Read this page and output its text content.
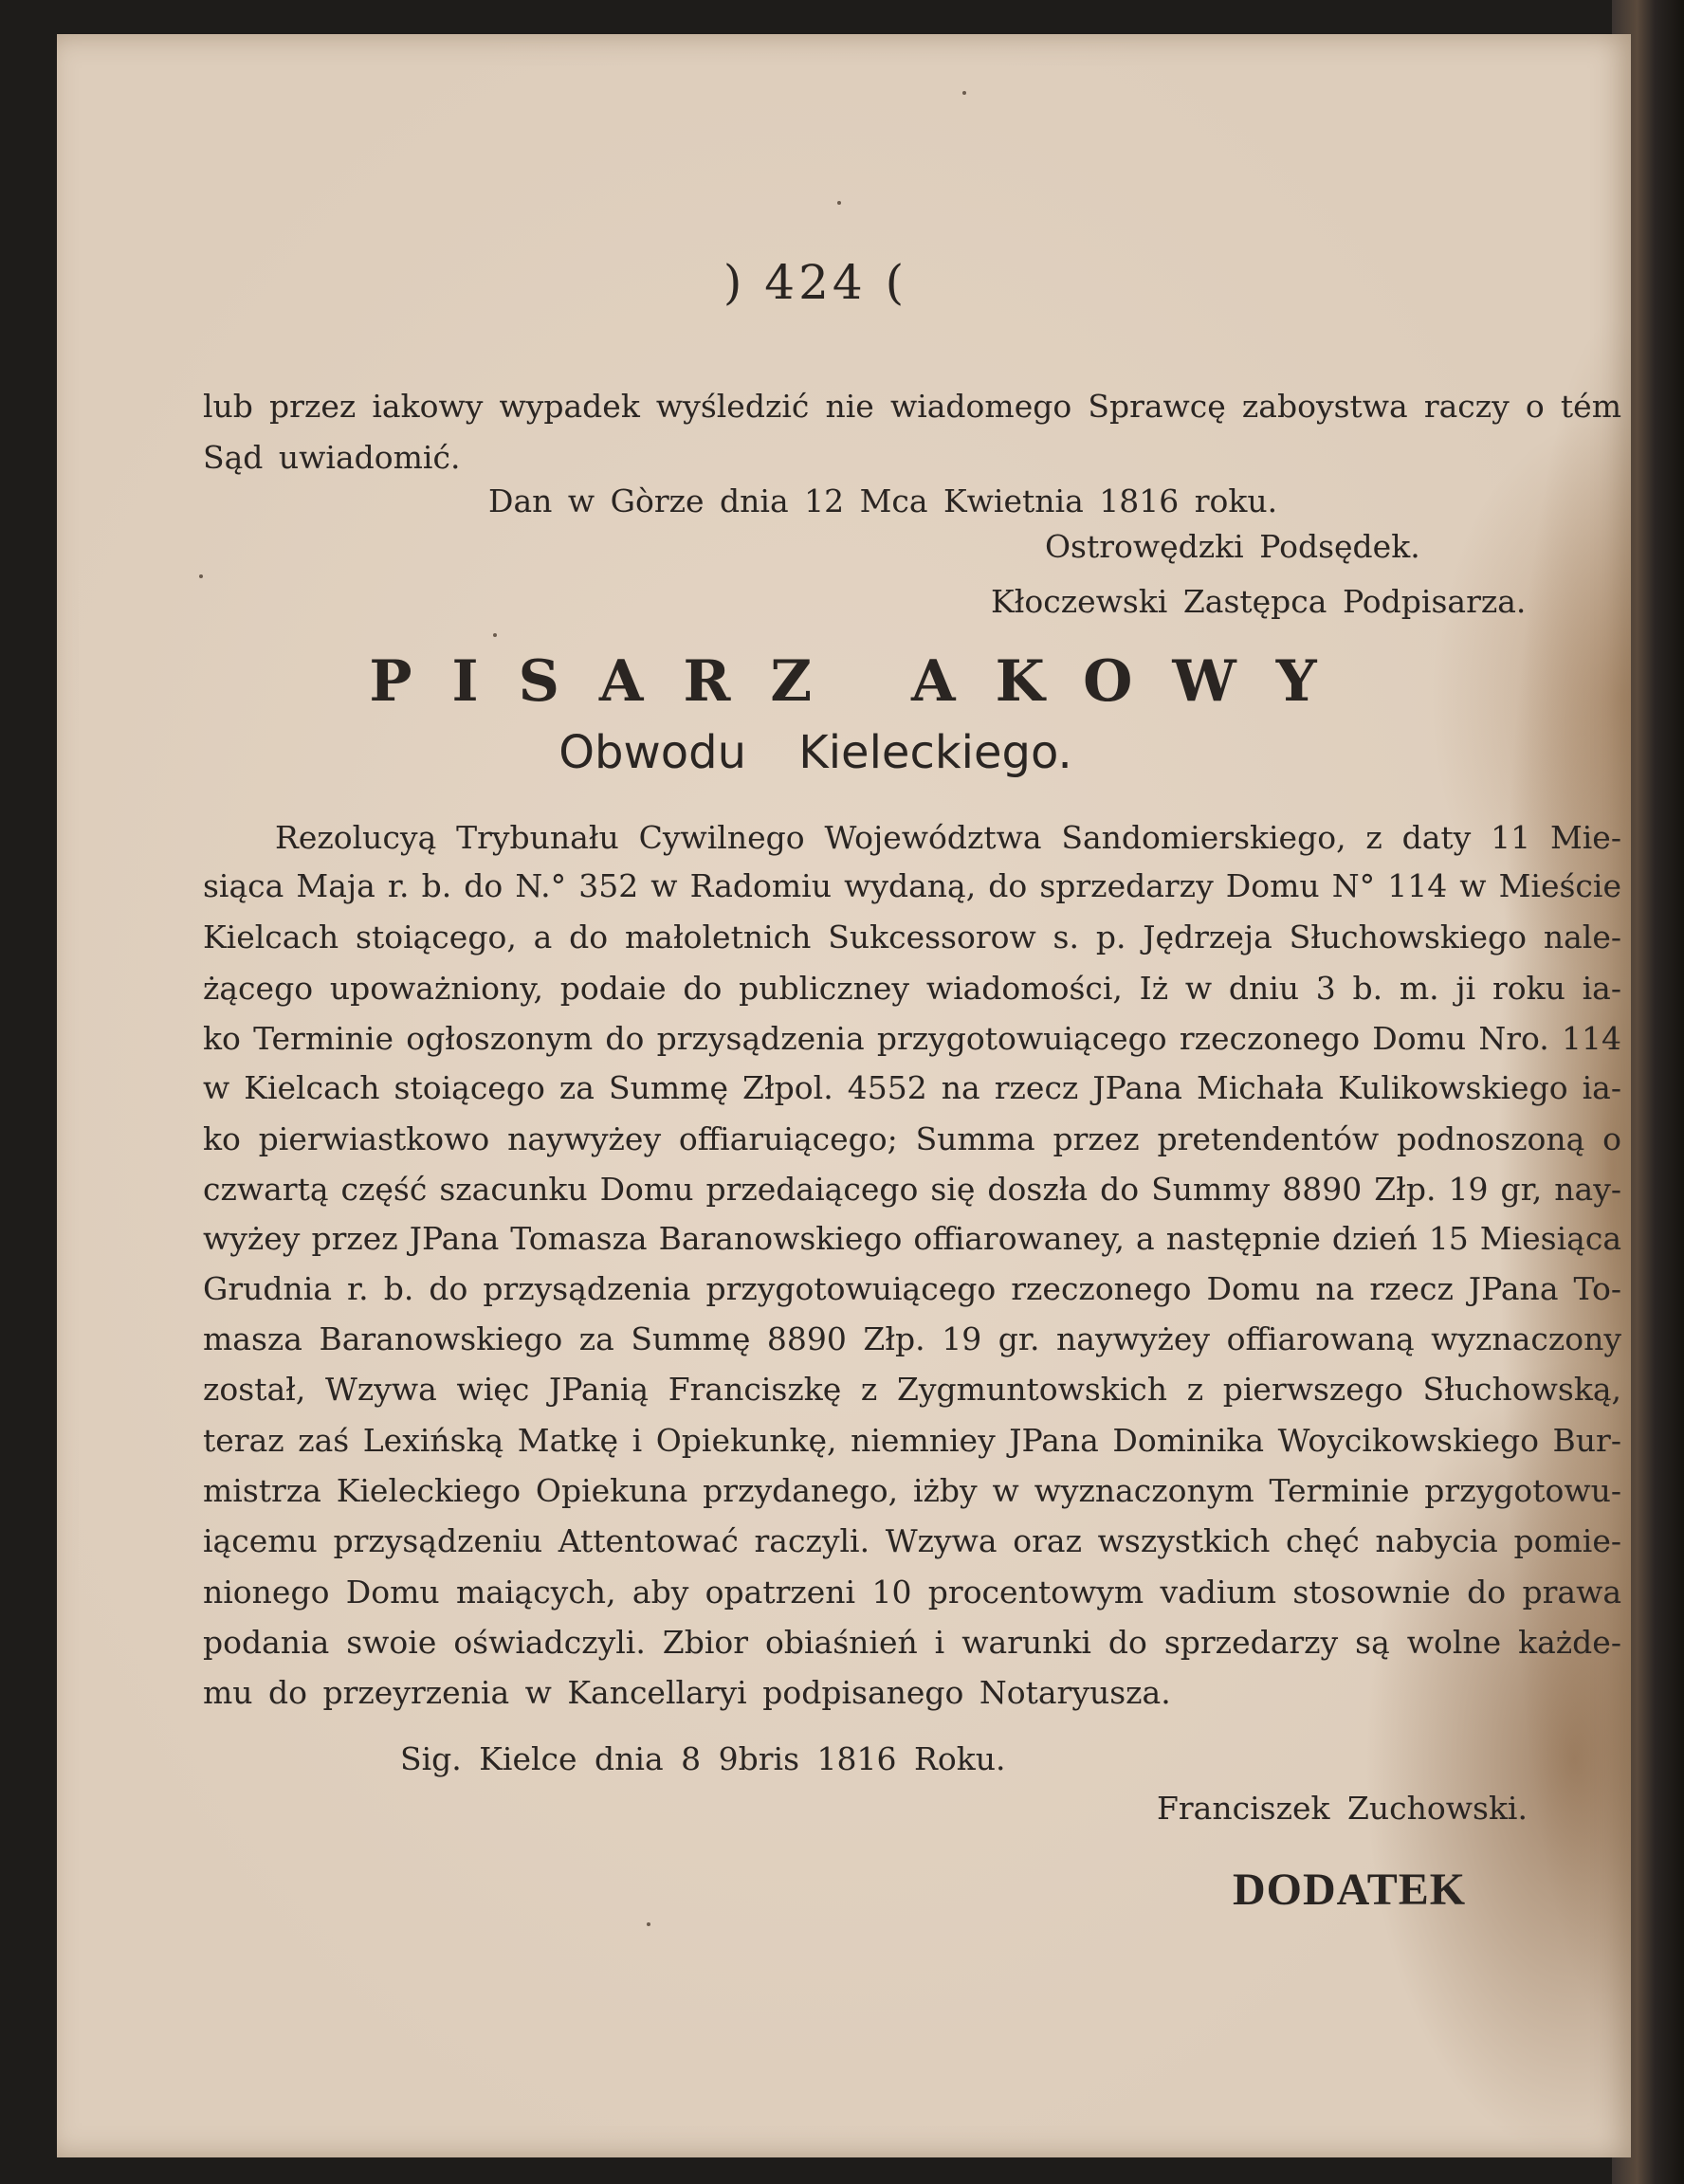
) 424 (
lub przez iakowy wypadek wyśledzić nie wiadomego Sprawcę zaboystwa raczy o tém
Sąd uwiadomić.
Dan w Gòrze dnia 12 Mca Kwietnia 1816 roku.
Ostrowędzki Podsędek.
Kłoczewski Zastępca Podpisarza.
PISARZ AKOWY
Obwodu Kieleckiego.
Rezolucyą Trybunału Cywilnego Województwa Sandomierskiego, z daty 11 Mie-
siąca Maja r. b. do N.° 352 w Radomiu wydaną, do sprzedarzy Domu N° 114 w Mieście
Kielcach stoiącego, a do małoletnich Sukcessorow s. p. Jędrzeja Słuchowskiego nale-
żącego upoważniony, podaie do publiczney wiadomości, Iż w dniu 3 b. m. ji roku ia-
ko Terminie ogłoszonym do przysądzenia przygotowuiącego rzeczonego Domu Nro. 114
w Kielcach stoiącego za Summę Złpol. 4552 na rzecz JPana Michała Kulikowskiego ia-
ko pierwiastkowo naywyżey offiaruiącego; Summa przez pretendentów podnoszoną o
czwartą część szacunku Domu przedaiącego się doszła do Summy 8890 Złp. 19 gr, nay-
wyżey przez JPana Tomasza Baranowskiego offiarowaney, a następnie dzień 15 Miesiąca
Grudnia r. b. do przysądzenia przygotowuiącego rzeczonego Domu na rzecz JPana To-
masza Baranowskiego za Summę 8890 Złp. 19 gr. naywyżey offiarowaną wyznaczony
został, Wzywa więc JPanią Franciszkę z Zygmuntowskich z pierwszego Słuchowską,
teraz zaś Lexińską Matkę i Opiekunkę, niemniey JPana Dominika Woycikowskiego Bur-
mistrza Kieleckiego Opiekuna przydanego, iżby w wyznaczonym Terminie przygotowu-
iącemu przysądzeniu Attentować raczyli. Wzywa oraz wszystkich chęć nabycia pomie-
nionego Domu maiących, aby opatrzeni 10 procentowym vadium stosownie do prawa
podania swoie oświadczyli. Zbior obiaśnień i warunki do sprzedarzy są wolne każde-
mu do przeyrzenia w Kancellaryi podpisanego Notaryusza.
Sig. Kielce dnia 8 9bris 1816 Roku.
Franciszek Zuchowski.
DODATEK
